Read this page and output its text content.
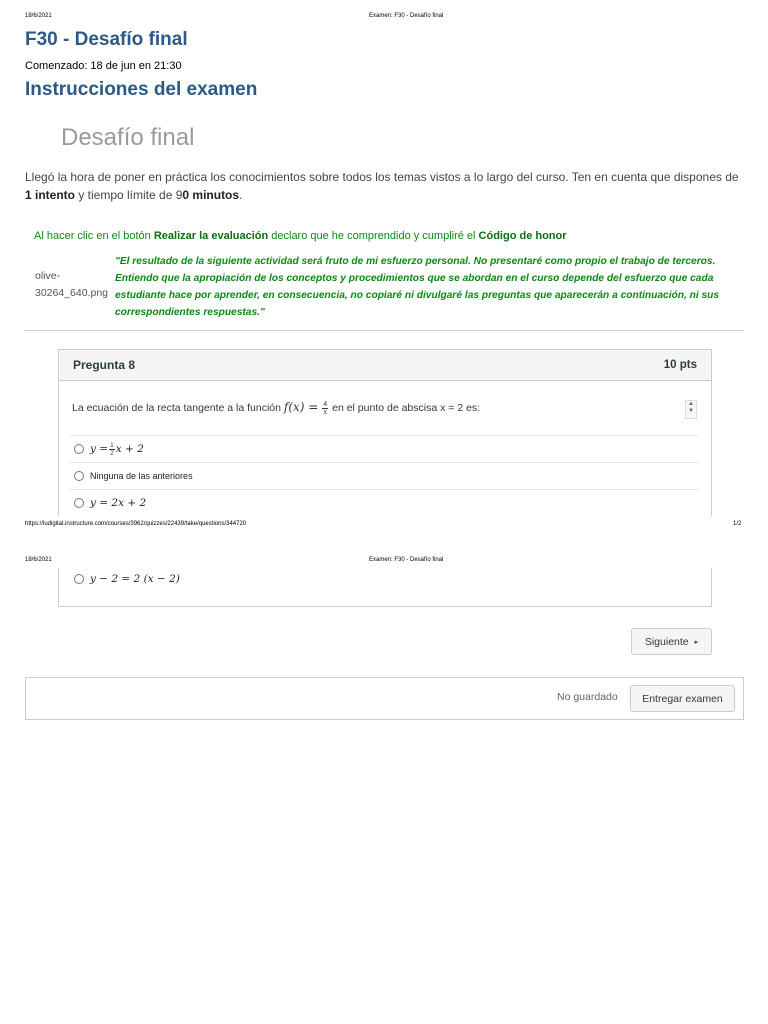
18/6/2021	Examen: F30 - Desafío final
F30 - Desafío final
Comenzado: 18 de jun en 21:30
Instrucciones del examen
Desafío final
Llegó la hora de poner en práctica los conocimientos sobre todos los temas vistos a lo largo del curso. Ten en cuenta que dispones de 1 intento y tiempo límite de 90 minutos.
Al hacer clic en el botón Realizar la evaluación declaro que he comprendido y cumpliré el Código de honor
olive-30264_640.png
"El resultado de la siguiente actividad será fruto de mi esfuerzo personal. No presentaré como propio el trabajo de terceros. Entiendo que la apropiación de los conceptos y procedimientos que se abordan en el curso depende del esfuerzo que cada estudiante hace por aprender, en consecuencia, no copiaré ni divulgaré las preguntas que aparecerán a continuación, ni sus correspondientes respuestas."
Pregunta 8	10 pts
La ecuación de la recta tangente a la función $f(x) = \frac{4}{x}$ en el punto de abscisa x = 2 es:	▲
▼
$y = \frac{1}{2}$ x + 2
Ninguna de las anteriores
y = 2x + 2
https://ludigital.instructure.com/courses/3962/quizzes/22439/take/questions/344720	1/2
18/6/2021	Examen: F30 - Desafío final
y − 2 = 2 (x − 2)
Siguiente ▸
No guardado	Entregar examen
